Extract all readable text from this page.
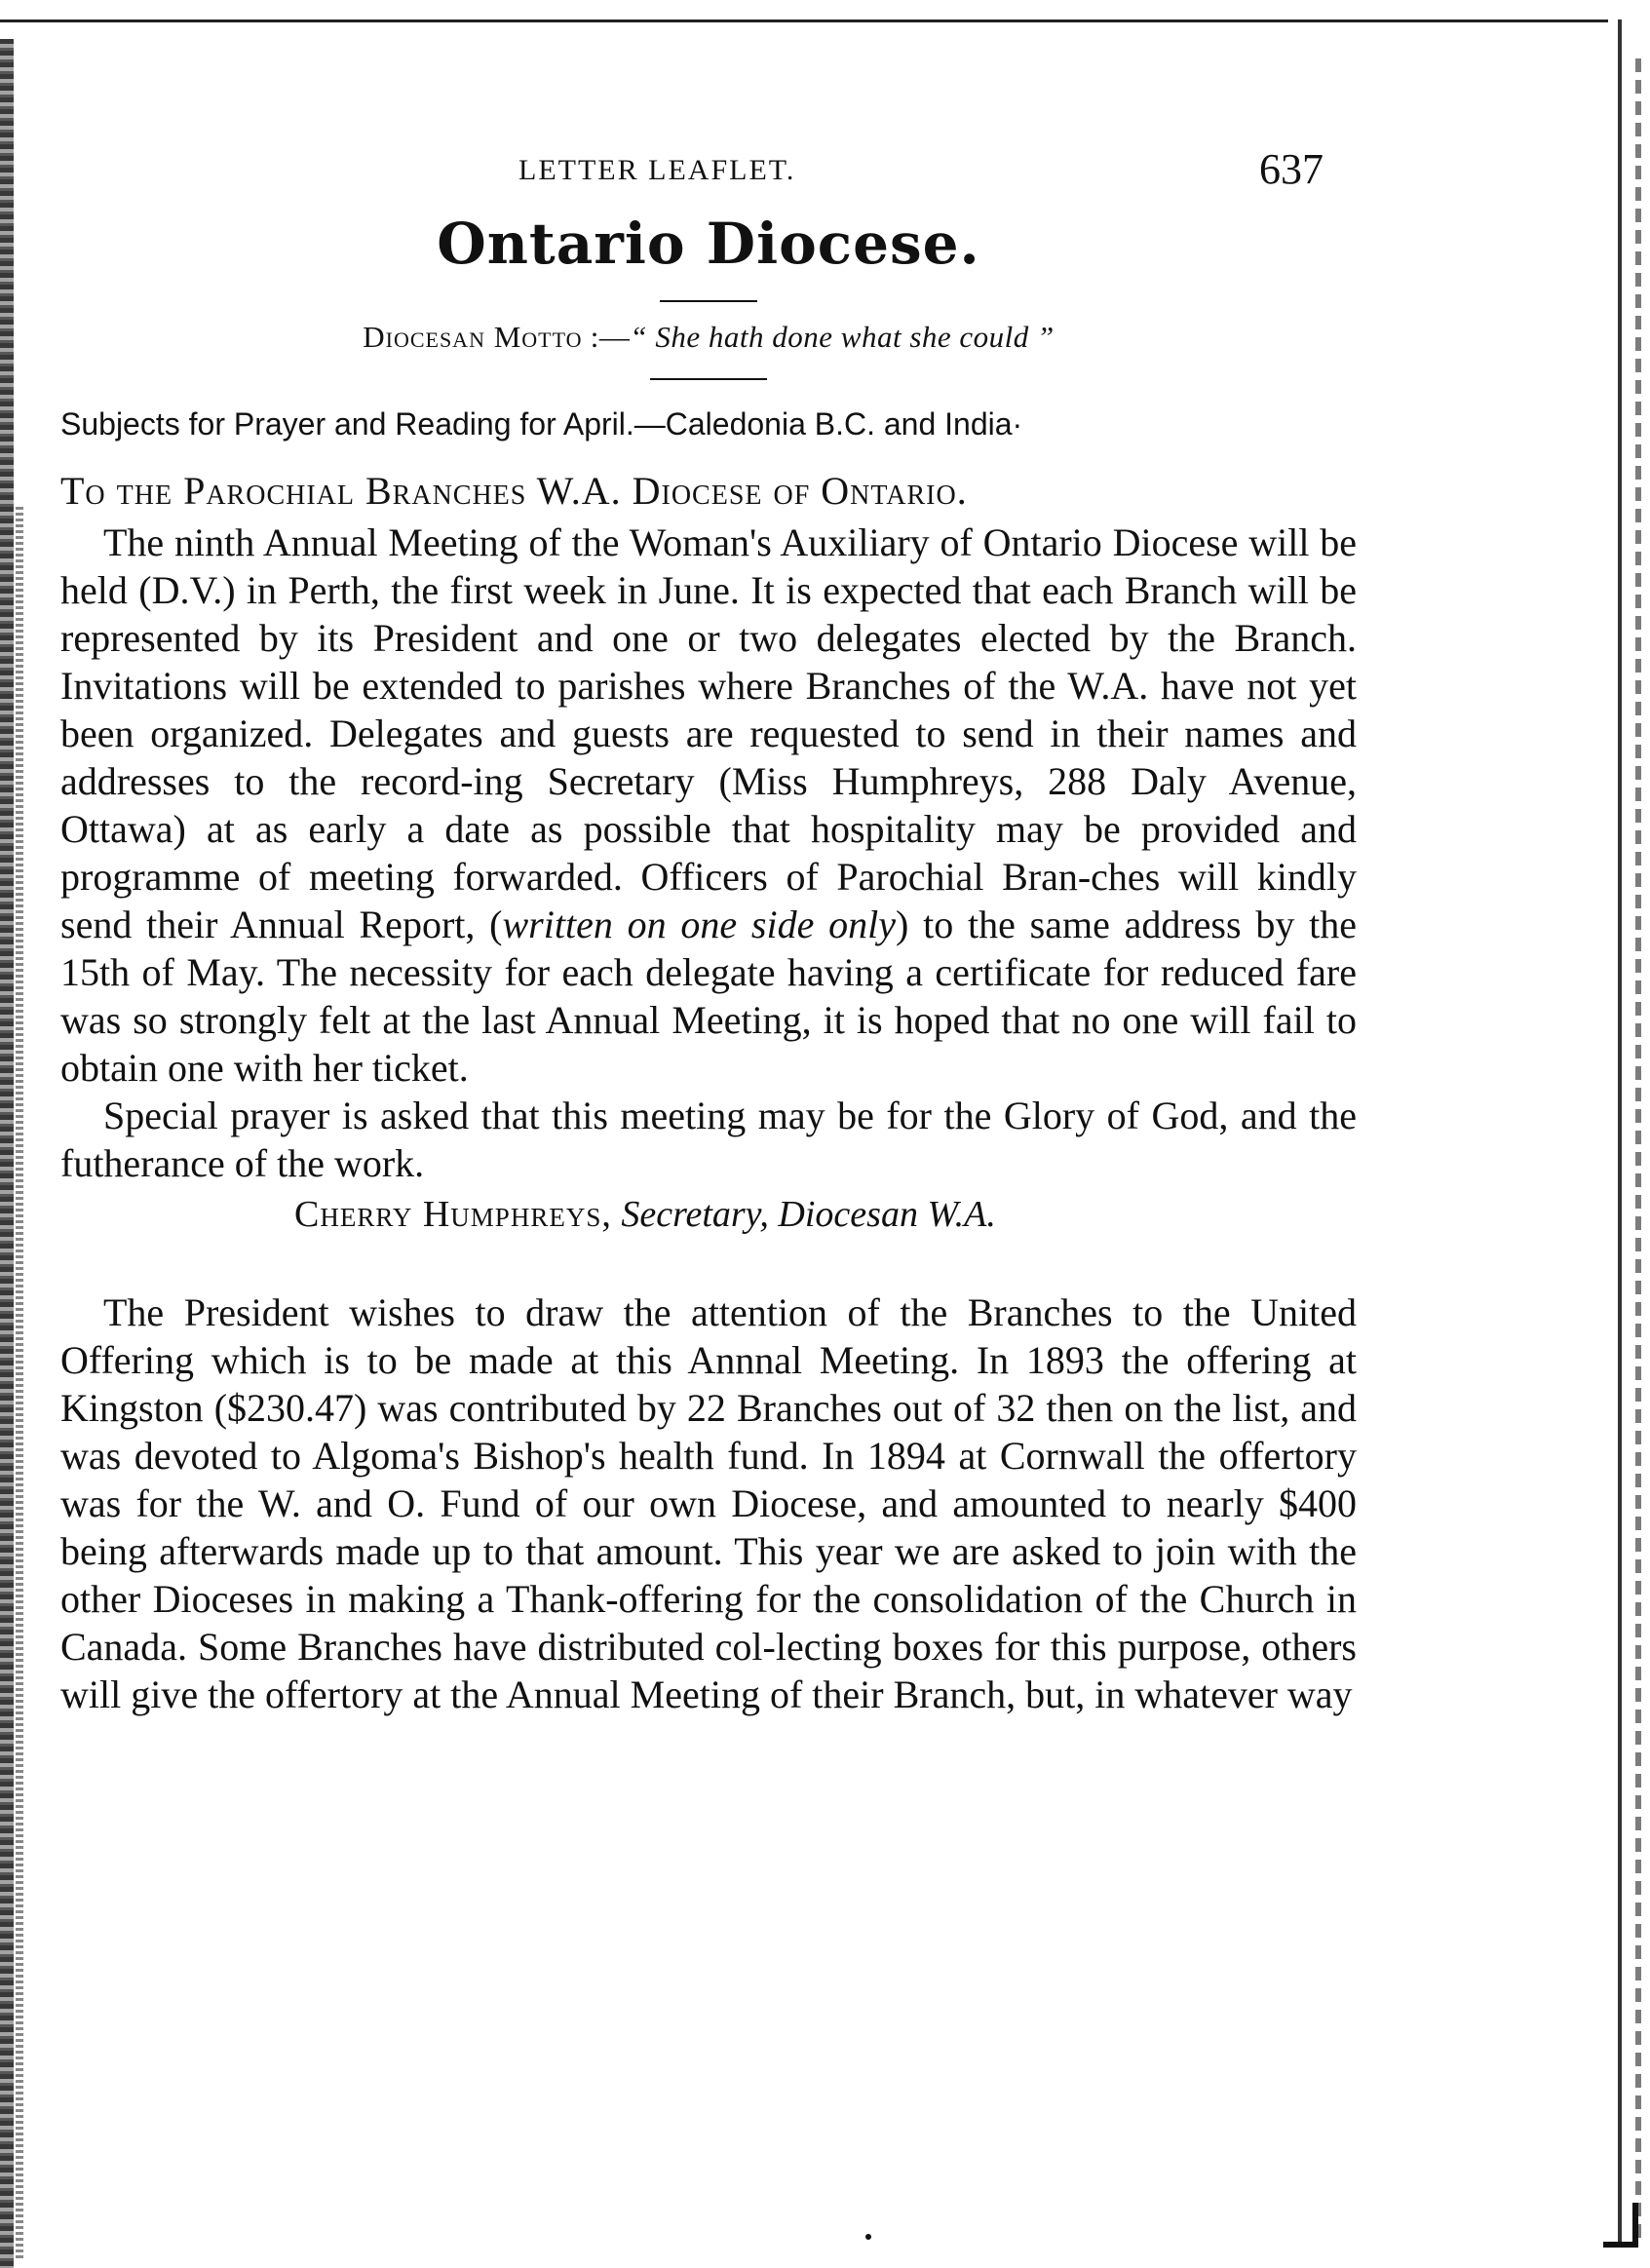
LETTER LEAFLET.	637
Ontario Diocese.
Diocesan Motto :—“ She hath done what she could ”
Subjects for Prayer and Reading for April.—Caledonia B.C. and India·
To the Parochial Branches W.A. Diocese of Ontario.

The ninth Annual Meeting of the Woman's Auxiliary of Ontario Diocese will be held (D.V.) in Perth, the first week in June. It is expected that each Branch will be represented by its President and one or two delegates elected by the Branch. Invitations will be extended to parishes where Branches of the W.A. have not yet been organized. Delegates and guests are requested to send in their names and addresses to the record-ing Secretary (Miss Humphreys, 288 Daly Avenue, Ottawa) at as early a date as possible that hospitality may be provided and programme of meeting forwarded. Officers of Parochial Bran-ches will kindly send their Annual Report, (written on one side only) to the same address by the 15th of May. The necessity for each delegate having a certificate for reduced fare was so strongly felt at the last Annual Meeting, it is hoped that no one will fail to obtain one with her ticket.

Special prayer is asked that this meeting may be for the Glory of God, and the futherance of the work.

Cherry Humphreys, Secretary, Diocesan W.A.

The President wishes to draw the attention of the Branches to the United Offering which is to be made at this Annnal Meeting. In 1893 the offering at Kingston ($230.47) was contributed by 22 Branches out of 32 then on the list, and was devoted to Algoma's Bishop's health fund. In 1894 at Cornwall the offertory was for the W. and O. Fund of our own Diocese, and amounted to nearly $400 being afterwards made up to that amount. This year we are asked to join with the other Dioceses in making a Thank-offering for the consolidation of the Church in Canada. Some Branches have distributed col-lecting boxes for this purpose, others will give the offertory at the Annual Meeting of their Branch, but, in whatever way
